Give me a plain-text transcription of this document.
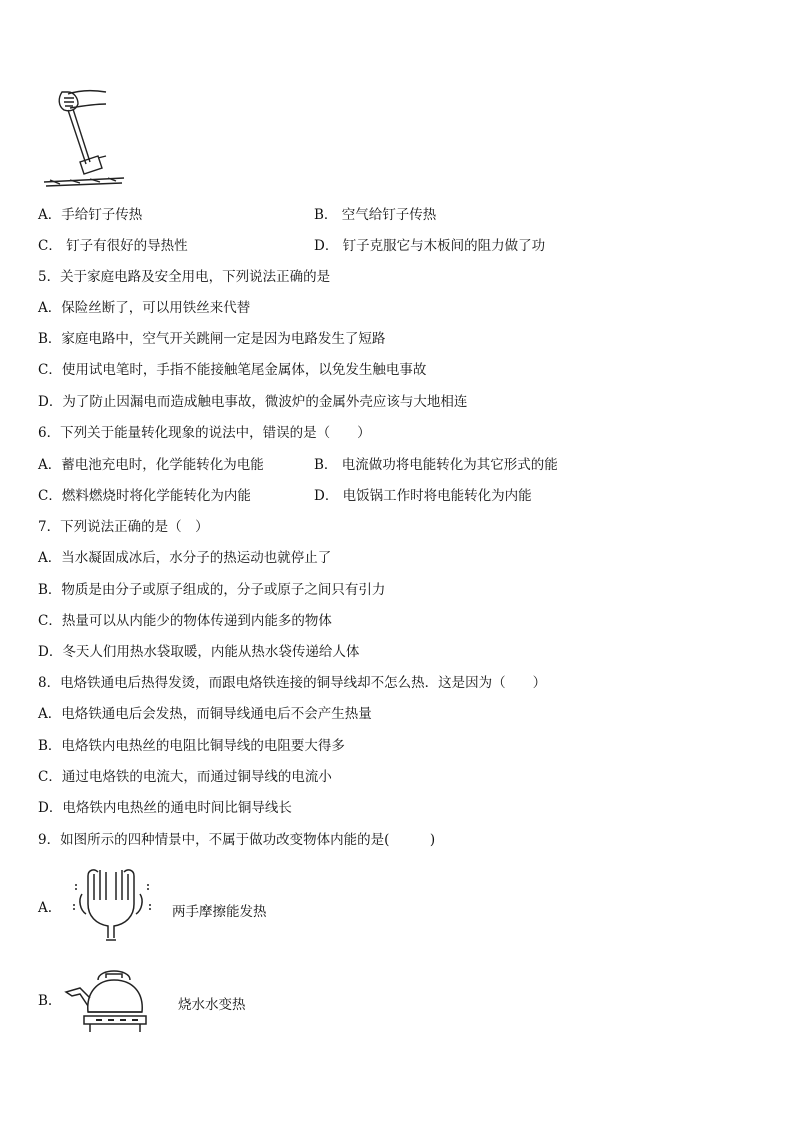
A．手给钉子传热	B． 空气给钉子传热
C． 钉子有很好的导热性	D． 钉子克服它与木板间的阻力做了功
5．关于家庭电路及安全用电，下列说法正确的是
A．保险丝断了，可以用铁丝来代替
B．家庭电路中，空气开关跳闸一定是因为电路发生了短路
C．使用试电笔时，手指不能接触笔尾金属体，以免发生触电事故
D．为了防止因漏电而造成触电事故，微波炉的金属外壳应该与大地相连
6．下列关于能量转化现象的说法中，错误的是（　　）
A．蓄电池充电时，化学能转化为电能	B． 电流做功将电能转化为其它形式的能
C．燃料燃烧时将化学能转化为内能	D． 电饭锅工作时将电能转化为内能
7．下列说法正确的是（　）
A．当水凝固成冰后，水分子的热运动也就停止了
B．物质是由分子或原子组成的，分子或原子之间只有引力
C．热量可以从内能少的物体传递到内能多的物体
D．冬天人们用热水袋取暖，内能从热水袋传递给人体
8．电烙铁通电后热得发烫，而跟电烙铁连接的铜导线却不怎么热．这是因为（　　）
A．电烙铁通电后会发热，而铜导线通电后不会产生热量
B．电烙铁内电热丝的电阻比铜导线的电阻要大得多
C．通过电烙铁的电流大，而通过铜导线的电流小
D．电烙铁内电热丝的通电时间比铜导线长
9．如图所示的四种情景中，不属于做功改变物体内能的是(　　　)
A.	两手摩擦能发热
B.	烧水水变热
